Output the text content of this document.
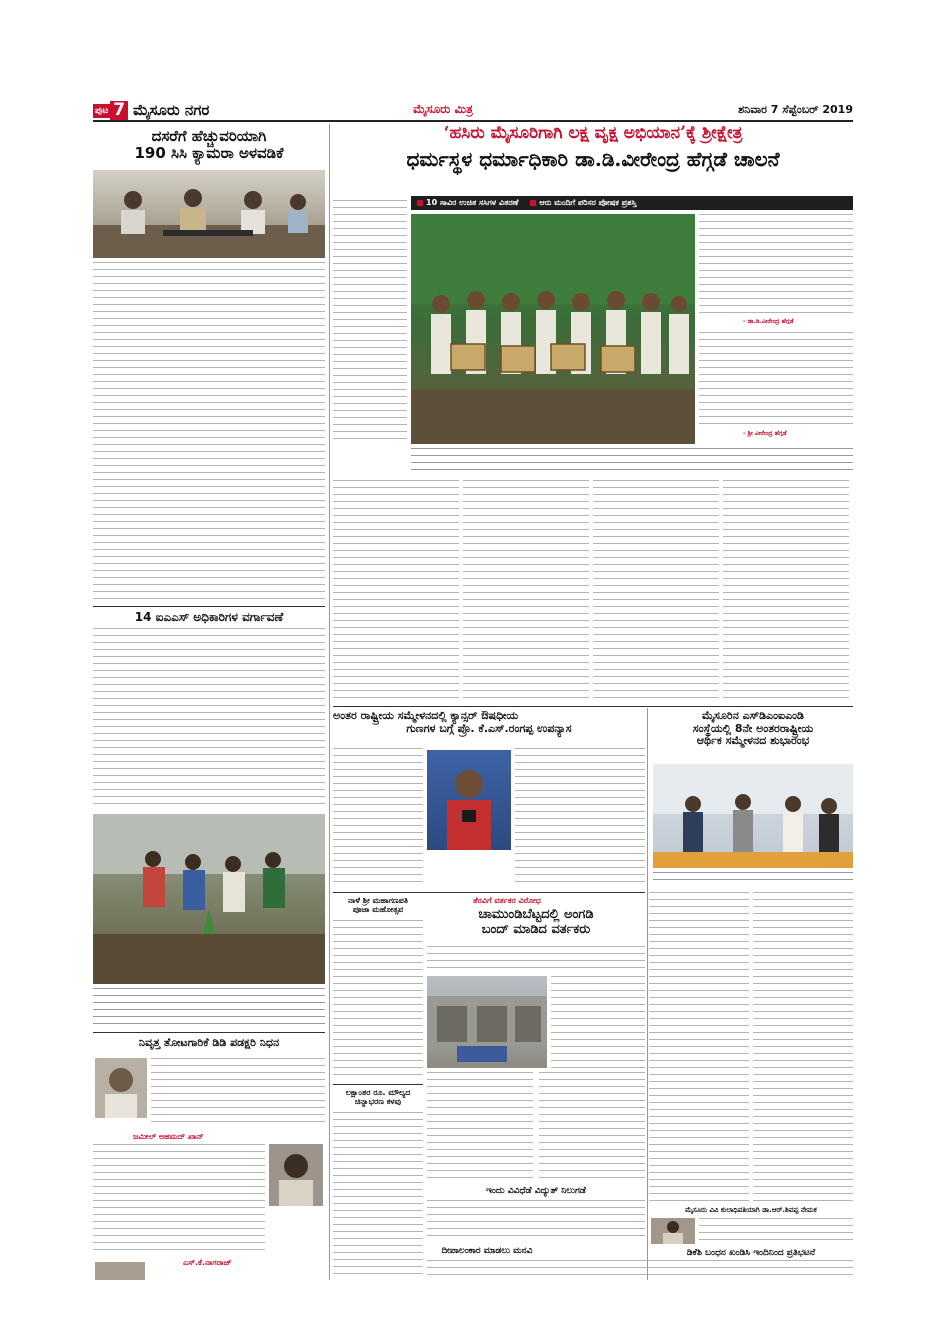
ಪುಟ 7 ಮೈಸೂರು ನಗರ	ಮೈಸೂರು ಮಿತ್ರ	ಶನಿವಾರ 7 ಸೆಪ್ಟೆಂಬರ್ 2019
ದಸರೆಗೆ ಹೆಚ್ಚುವರಿಯಾಗಿ
190 ಸಿಸಿ ಕ್ಯಾಮರಾ ಅಳವಡಿಕೆ
14 ಐಎಎಸ್ ಅಧಿಕಾರಿಗಳ ವರ್ಗಾವಣೆ
ನಿವೃತ್ತ ತೋಟಗಾರಿಕೆ ಡಿಡಿ ಪಡಕ್ಷರಿ ನಿಧನ
ಜಮೀಲ್ ಅಹಮದ್ ಖಾನ್
ಎಸ್.ಕೆ.ನಾಗರಾಜ್
‘ಹಸಿರು ಮೈಸೂರಿಗಾಗಿ ಲಕ್ಷ ವೃಕ್ಷ ಅಭಿಯಾನ’ಕ್ಕೆ ಶ್ರೀಕ್ಷೇತ್ರ
ಧರ್ಮಸ್ಥಳ ಧರ್ಮಾಧಿಕಾರಿ ಡಾ.ಡಿ.ವೀರೇಂದ್ರ ಹೆಗ್ಗಡೆ ಚಾಲನೆ
10 ಸಾವಿರ ಉಚಿತ ಸಸಿಗಳ ವಿತರಣೆ	ಆರು ಮಂದಿಗೆ ಪರಿಸರ ಪೋಷಕ ಪ್ರಶಸ್ತಿ
- ಡಾ.ಡಿ.ವೀರೇಂದ್ರ ಹೆಗ್ಗಡೆ
- ಶ್ರೀ ವೀರೇಂದ್ರ ಹೆಗ್ಗಡೆ
ಅಂತರ ರಾಷ್ಟ್ರೀಯ ಸಮ್ಮೇಳನದಲ್ಲಿ ಕ್ಯಾನ್ಸರ್ ಔಷಧೀಯ
ಗುಣಗಳ ಬಗ್ಗೆ ಪ್ರೊ. ಕೆ.ಎಸ್.ರಂಗಪ್ಪ ಉಪನ್ಯಾಸ
ಮೈಸೂರಿನ ಎಸ್‌ಡಿಎಂಐಎಂಡಿ
ಸಂಸ್ಥೆಯಲ್ಲಿ 8ನೇ ಅಂತರರಾಷ್ಟ್ರೀಯ
ಆರ್ಥಿಕ ಸಮ್ಮೇಳನದ ಶುಭಾರಂಭ
ನಾಳೆ ಶ್ರೀ ಮಹಾಗಣಪತಿ
ಪೂಜಾ ಮಹೋತ್ಸವ
ತೆರವಿಗೆ ವರ್ತಕರ ವಿರೋಧ
ಚಾಮುಂಡಿಬೆಟ್ಟದಲ್ಲಿ ಅಂಗಡಿ
ಬಂದ್ ಮಾಡಿದ ವರ್ತಕರು
ಲಕ್ಷಾಂತರ ರೂ. ಮೌಲ್ಯದ
ಚಿನ್ನಾಭರಣ ಕಳವು
ಇಂದು ವಿವಿಧೆಡೆ ವಿದ್ಯುತ್ ನಿಲುಗಡೆ
ದೀಪಾಲಂಕಾರ ಮಾಡಲು ಮನವಿ
ಮೈಸೂರು ವಿವಿ ಕುಲಾಧಿಪತಿಯಾಗಿ ಡಾ.ಆರ್.ಶಿವಪ್ಪ ನೇಮಕ
ಡಿಕೆಶಿ ಬಂಧನ ಖಂಡಿಸಿ ಇಂದಿನಿಂದ ಪ್ರತಿಭಟನೆ
